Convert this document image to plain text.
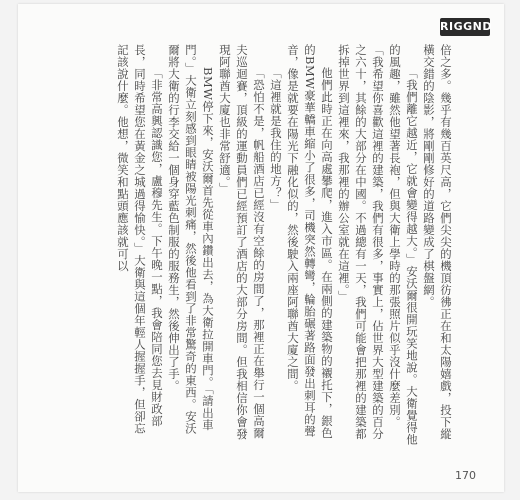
RIGGND

倍之多。幾乎有幾百英尺高，它們尖尖的機頂彷彿正在和太陽嬉戲，投下縱橫交錯的陰影，將剛剛修好的道路變成了棋盤網。

「我們離它越近，它就會變得越大。」安沃爾很開玩笑地說。大衛覺得他的風趣，雖然他望著長袍，但與大衛上學時的那張照片似乎沒什麼差別。「我希望你喜歡這裡的建築，我們有很多，事實上，佔世界大型建築的百分之六十，其餘的大部分在中國。不過總有一天，我們可能會把那裡的建築都拆掉世界到這裡來，我那裡的辦公室就在這裡。」

他們此時正在向高處攀爬，進入市區。在兩側的建築物的襯托下，銀色的BMW豪華轎車縮小了很多，司機突然轉彎，輪胎碾著路面發出刺耳的聲音，像是就要在陽光下融化似的，然後駛入兩座阿聯酋大廈之間。

「這裡就是我住的地方？」

「恐怕不是，帆船酒店已經沒有空餘的房間了，那裡正在舉行一個高爾夫巡迴賽，頂級的運動員們已經預訂了酒店的大部分房間。但我相信你會發現阿聯酋大廈也非常舒適。」

BMW停下來，安沃爾首先從車內鑽出去，為大衛拉開車門。「請出車門。」大衛立刻感到眼睛被陽光刺痛，然後他看到了非常驚奇的東西。安沃爾將大衛的行李交給一個身穿藍色制服的服務生，然後伸出了手。

「非常高興認識您，盧穆先生。下午晚一點，我會陪同您去見財政部長，同時希望您在黃金之城過得愉快。」大衛與這個年輕人握握手，但卻忘記該說什麼。他想，微笑和點頭應該就可以

170
